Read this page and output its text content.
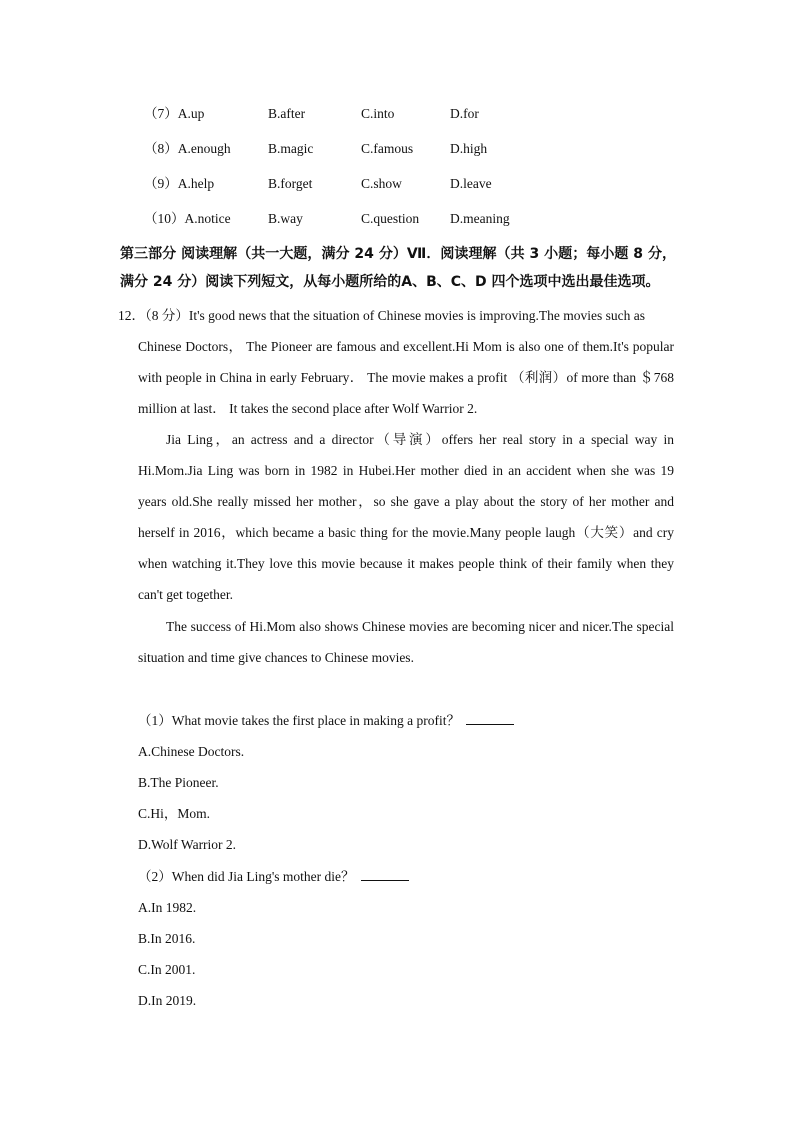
（7）A.up	B.after	C.into	D.for
（8）A.enough	B.magic	C.famous	D.high
（9）A.help	B.forget	C.show	D.leave
（10）A.notice	B.way	C.question D.meaning
第三部分 阅读理解（共一大题，满分 24 分）Ⅶ．阅读理解（共 3 小题；每小题 8 分，满分 24 分）阅读下列短文，从每小题所给的A、B、C、D 四个选项中选出最佳选项。
12．（8 分）It's good news that the situation of Chinese movies is improving.The movies such as
Chinese Doctors， The Pioneer are famous and excellent.Hi Mom is also one of them.It's popular with people in China in early February． The movie makes a profit （利润）of more than ＄768 million at last． It takes the second place after Wolf Warrior 2.
Jia Ling，an actress and a director（导演）offers her real story in a special way in Hi.Mom.Jia Ling was born in 1982 in Hubei.Her mother died in an accident when she was 19 years old.She really missed her mother，so she gave a play about the story of her mother and herself in 2016，which became a basic thing for the movie.Many people laugh（大笑）and cry when watching it.They love this movie because it makes people think of their family when they can't get together.
The success of Hi.Mom also shows Chinese movies are becoming nicer and nicer.The special situation and time give chances to Chinese movies.
（1）What movie takes the first place in making a profit？
A.Chinese Doctors.
B.The Pioneer.
C.Hi，Mom.
D.Wolf Warrior 2.
（2）When did Jia Ling's mother die？
A.In 1982.
B.In 2016.
C.In 2001.
D.In 2019.
